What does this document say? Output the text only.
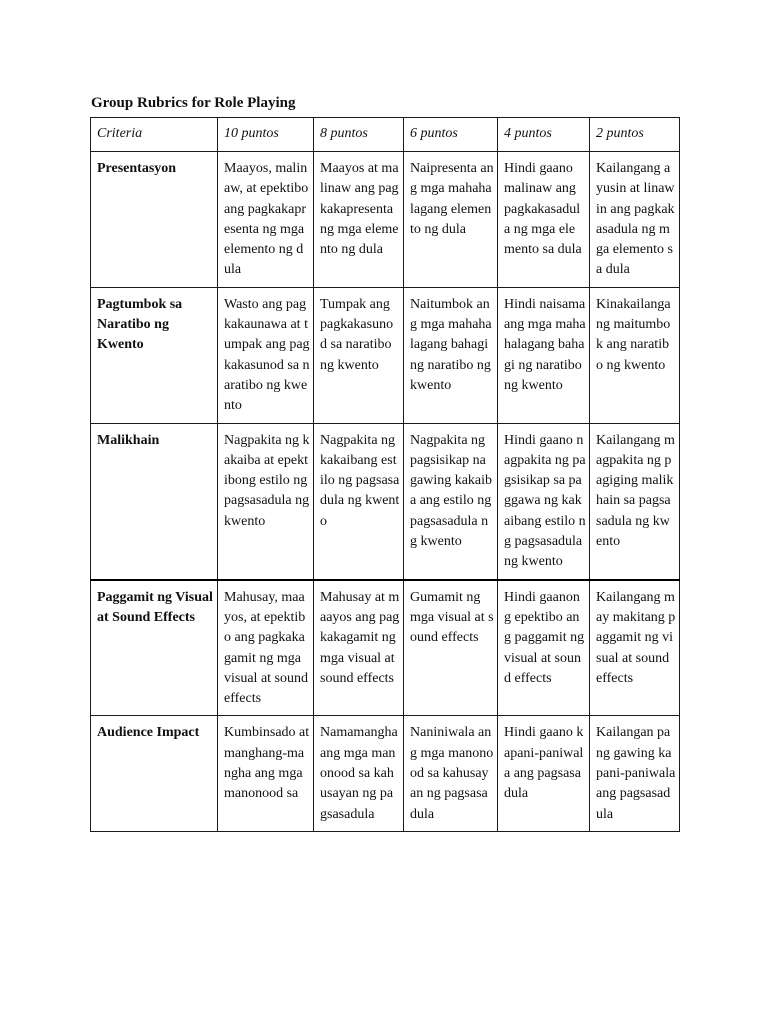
Group Rubrics for Role Playing
Criteria	10 puntos	8 puntos	6 puntos	4 puntos	2 puntos
Presentasyon	Maayos, malinaw, at epektibo ang pagkakapresenta ng mga elemento ng dula	Maayos at malinaw ang pagkakapresenta ng mga elemento ng dula	Naipresenta ang mga mahahalagang elemento ng dula	Hindi gaano malinaw ang pagkakasadula ng mga elemento sa dula	Kailangang ayusin at linawin ang pagkakasadula ng mga elemento sa dula
Pagtumbok sa Naratibo ng Kwento	Wasto ang pagkakaunawa at tumpak ang pagkakasunod sa naratibo ng kwento	Tumpak ang pagkakasunod sa naratibo ng kwento	Naitumbok ang mga mahahalagang bahagi ng naratibo ng kwento	Hindi naisama ang mga mahahalagang bahagi ng naratibo ng kwento	Kinakailangang maitumbok ang naratibo ng kwento
Malikhain	Nagpakita ng kakaiba at epektibong estilo ng pagsasadula ng kwento	Nagpakita ng kakaibang estilo ng pagsasadula ng kwento	Nagpakita ng pagsisikap na gawing kakaiba ang estilo ng pagsasadula ng kwento	Hindi gaano nagpakita ng pagsisikap sa paggawa ng kakaibang estilo ng pagsasadula ng kwento	Kailangang magpakita ng pagiging malikhain sa pagsasadula ng kwento
Paggamit ng Visual at Sound Effects	Mahusay, maayos, at epektibo ang pagkakagamit ng mga visual at sound effects	Mahusay at maayos ang pagkakagamit ng mga visual at sound effects	Gumamit ng mga visual at sound effects	Hindi gaanong epektibo ang paggamit ng visual at sound effects	Kailangang may makitang paggamit ng visual at sound effects
Audience Impact	Kumbinsado at manghang-mangha ang mga manonood sa	Namamangha ang mga manonood sa kahusayan ng pagsasadula	Naniniwala ang mga manonood sa kahusayan ng pagsasadula	Hindi gaano kapani-paniwala ang pagsasadula	Kailangan pang gawing kapani-paniwala ang pagsasadula
